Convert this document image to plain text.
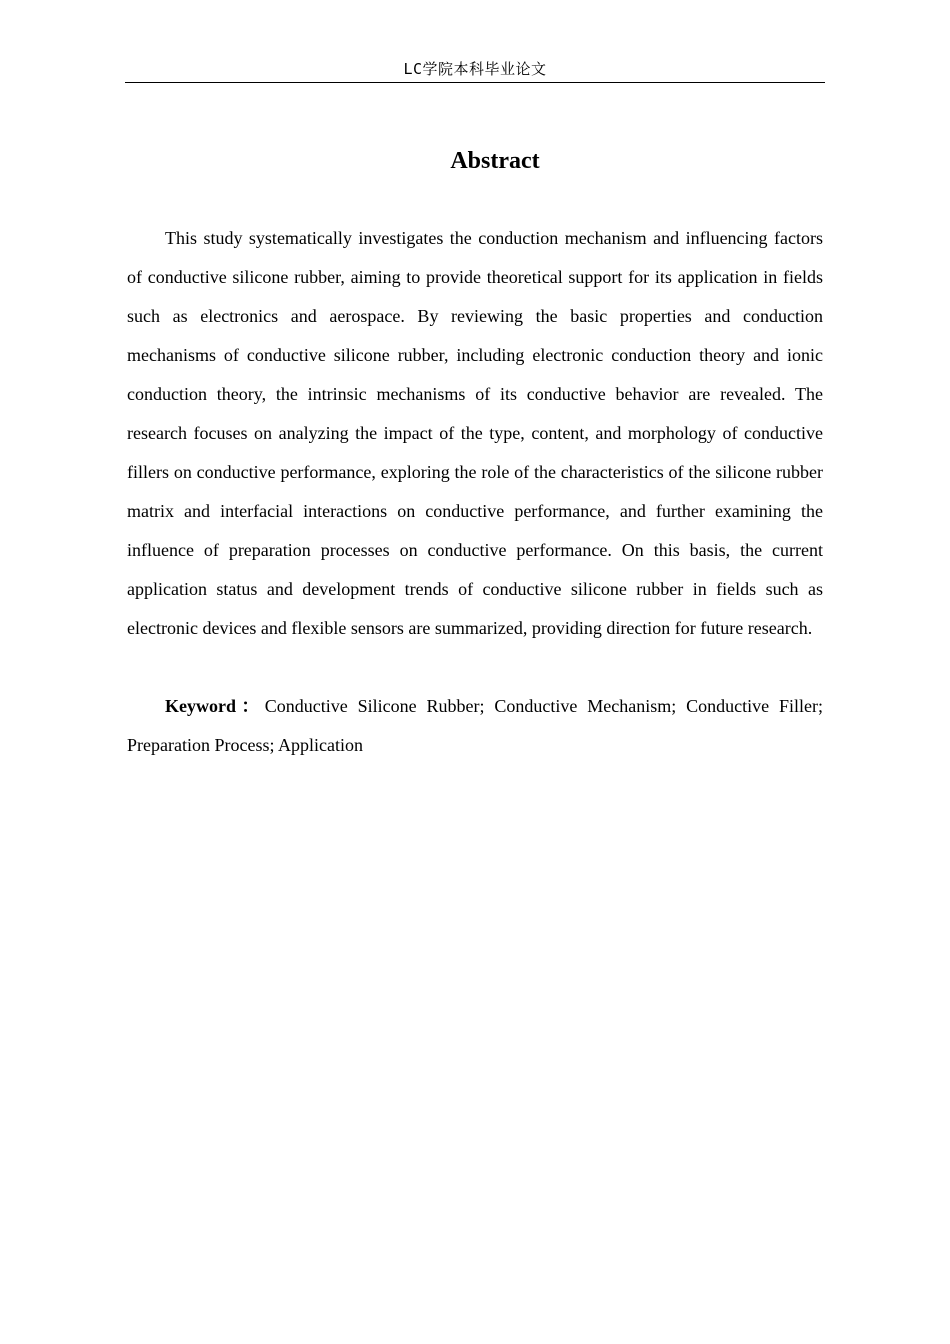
LC学院本科毕业论文
Abstract

This study systematically investigates the conduction mechanism and influencing factors of conductive silicone rubber, aiming to provide theoretical support for its application in fields such as electronics and aerospace. By reviewing the basic properties and conduction mechanisms of conductive silicone rubber, including electronic conduction theory and ionic conduction theory, the intrinsic mechanisms of its conductive behavior are revealed. The research focuses on analyzing the impact of the type, content, and morphology of conductive fillers on conductive performance, exploring the role of the characteristics of the silicone rubber matrix and interfacial interactions on conductive performance, and further examining the influence of preparation processes on conductive performance. On this basis, the current application status and development trends of conductive silicone rubber in fields such as electronic devices and flexible sensors are summarized, providing direction for future research.

Keyword：Conductive Silicone Rubber; Conductive Mechanism; Conductive Filler; Preparation Process; Application
